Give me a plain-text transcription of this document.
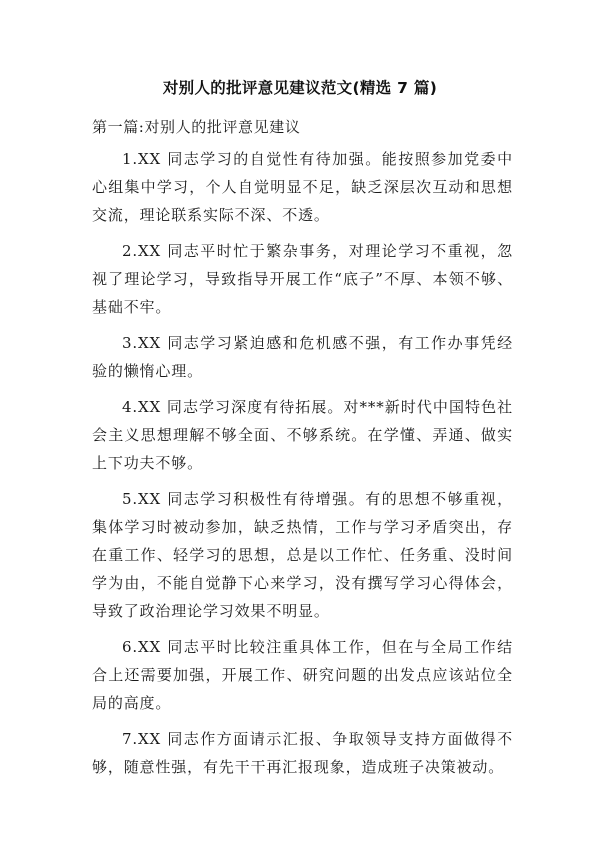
对别人的批评意见建议范文(精选 7 篇)
第一篇:对别人的批评意见建议

1.XX 同志学习的自觉性有待加强。能按照参加党委中心组集中学习，个人自觉明显不足，缺乏深层次互动和思想交流，理论联系实际不深、不透。

2.XX 同志平时忙于繁杂事务，对理论学习不重视，忽视了理论学习，导致指导开展工作“底子”不厚、本领不够、基础不牢。

3.XX 同志学习紧迫感和危机感不强，有工作办事凭经验的懒惰心理。

4.XX 同志学习深度有待拓展。对***新时代中国特色社会主义思想理解不够全面、不够系统。在学懂、弄通、做实上下功夫不够。

5.XX 同志学习积极性有待增强。有的思想不够重视，集体学习时被动参加，缺乏热情，工作与学习矛盾突出，存在重工作、轻学习的思想，总是以工作忙、任务重、没时间学为由，不能自觉静下心来学习，没有撰写学习心得体会，导致了政治理论学习效果不明显。

6.XX 同志平时比较注重具体工作，但在与全局工作结合上还需要加强，开展工作、研究问题的出发点应该站位全局的高度。

7.XX 同志作方面请示汇报、争取领导支持方面做得不够，随意性强，有先干干再汇报现象，造成班子决策被动。
